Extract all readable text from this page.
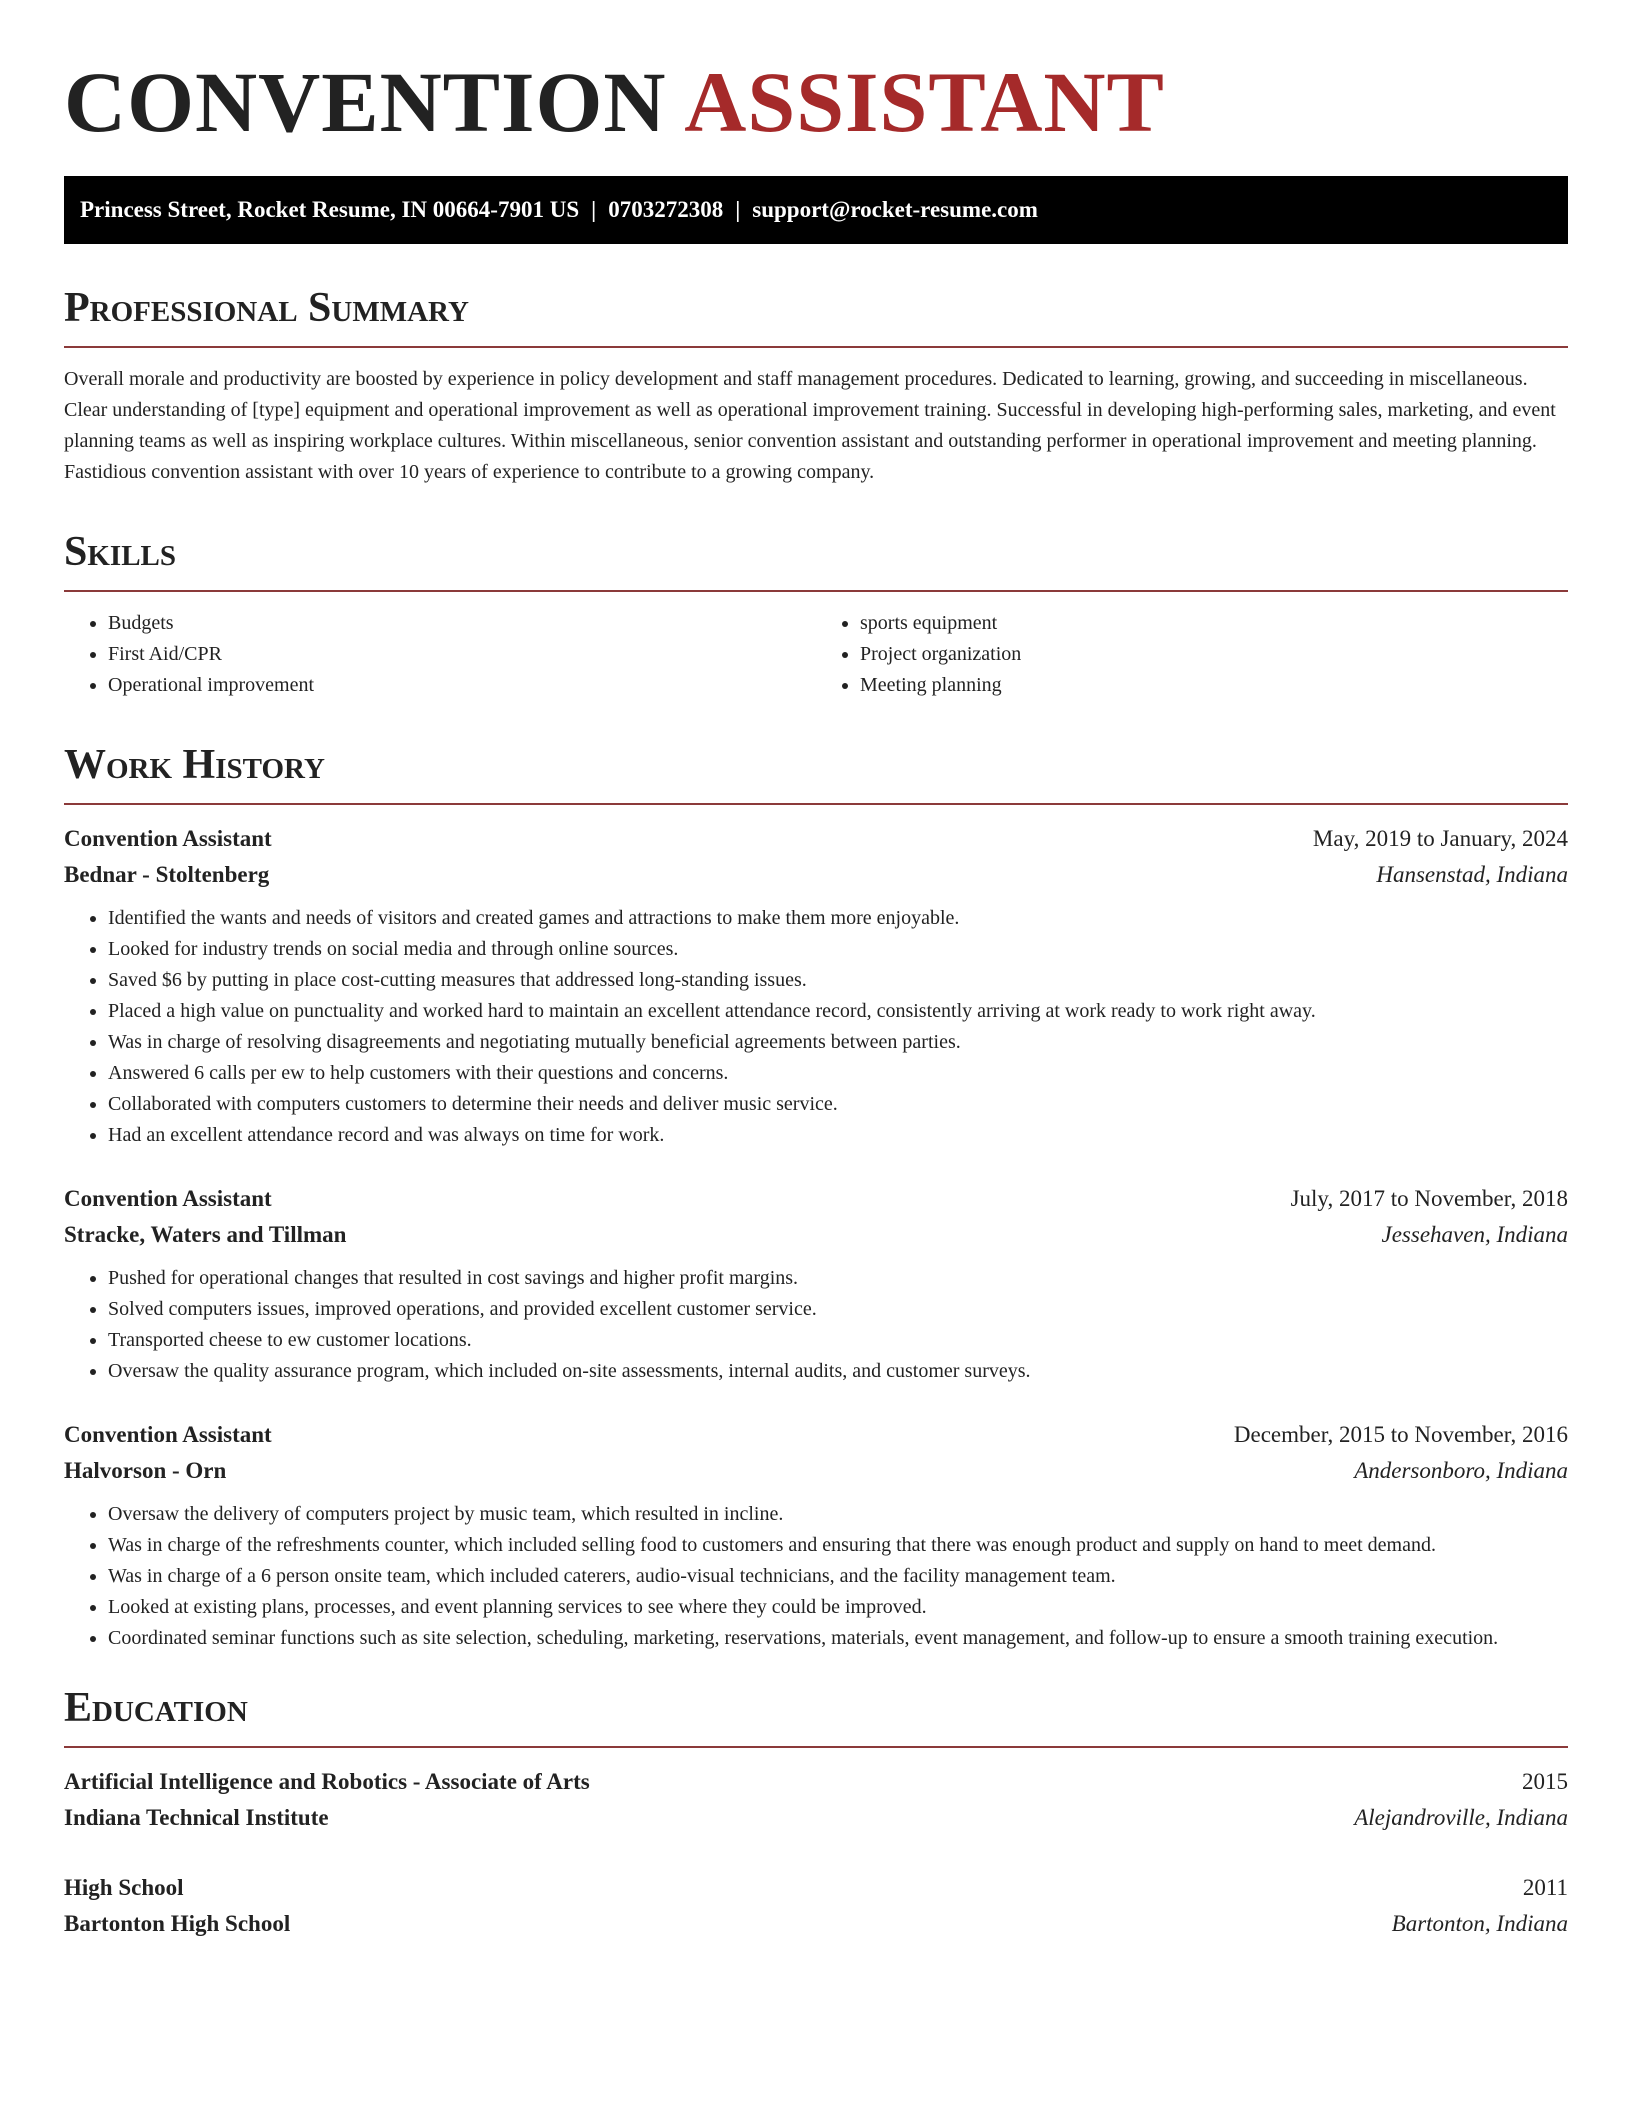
CONVENTION ASSISTANT
Princess Street, Rocket Resume, IN 00664-7901 US | 0703272308 | support@rocket-resume.com
Professional Summary

Overall morale and productivity are boosted by experience in policy development and staff management procedures. Dedicated to learning, growing, and succeeding in miscellaneous. Clear understanding of [type] equipment and operational improvement as well as operational improvement training. Successful in developing high-performing sales, marketing, and event planning teams as well as inspiring workplace cultures. Within miscellaneous, senior convention assistant and outstanding performer in operational improvement and meeting planning. Fastidious convention assistant with over 10 years of experience to contribute to a growing company.

Skills
• Budgets
• First Aid/CPR
• Operational improvement
• sports equipment
• Project organization
• Meeting planning
Work History
Convention Assistant	May, 2019 to January, 2024
Bednar - Stoltenberg	Hansenstad, Indiana
• Identified the wants and needs of visitors and created games and attractions to make them more enjoyable.
• Looked for industry trends on social media and through online sources.
• Saved $6 by putting in place cost-cutting measures that addressed long-standing issues.
• Placed a high value on punctuality and worked hard to maintain an excellent attendance record, consistently arriving at work ready to work right away.
• Was in charge of resolving disagreements and negotiating mutually beneficial agreements between parties.
• Answered 6 calls per ew to help customers with their questions and concerns.
• Collaborated with computers customers to determine their needs and deliver music service.
• Had an excellent attendance record and was always on time for work.
Convention Assistant	July, 2017 to November, 2018
Stracke, Waters and Tillman	Jessehaven, Indiana
• Pushed for operational changes that resulted in cost savings and higher profit margins.
• Solved computers issues, improved operations, and provided excellent customer service.
• Transported cheese to ew customer locations.
• Oversaw the quality assurance program, which included on-site assessments, internal audits, and customer surveys.
Convention Assistant	December, 2015 to November, 2016
Halvorson - Orn	Andersonboro, Indiana
• Oversaw the delivery of computers project by music team, which resulted in incline.
• Was in charge of the refreshments counter, which included selling food to customers and ensuring that there was enough product and supply on hand to meet demand.
• Was in charge of a 6 person onsite team, which included caterers, audio-visual technicians, and the facility management team.
• Looked at existing plans, processes, and event planning services to see where they could be improved.
• Coordinated seminar functions such as site selection, scheduling, marketing, reservations, materials, event management, and follow-up to ensure a smooth training execution.
Education
Artificial Intelligence and Robotics - Associate of Arts	2015
Indiana Technical Institute	Alejandroville, Indiana
High School	2011
Bartonton High School	Bartonton, Indiana
